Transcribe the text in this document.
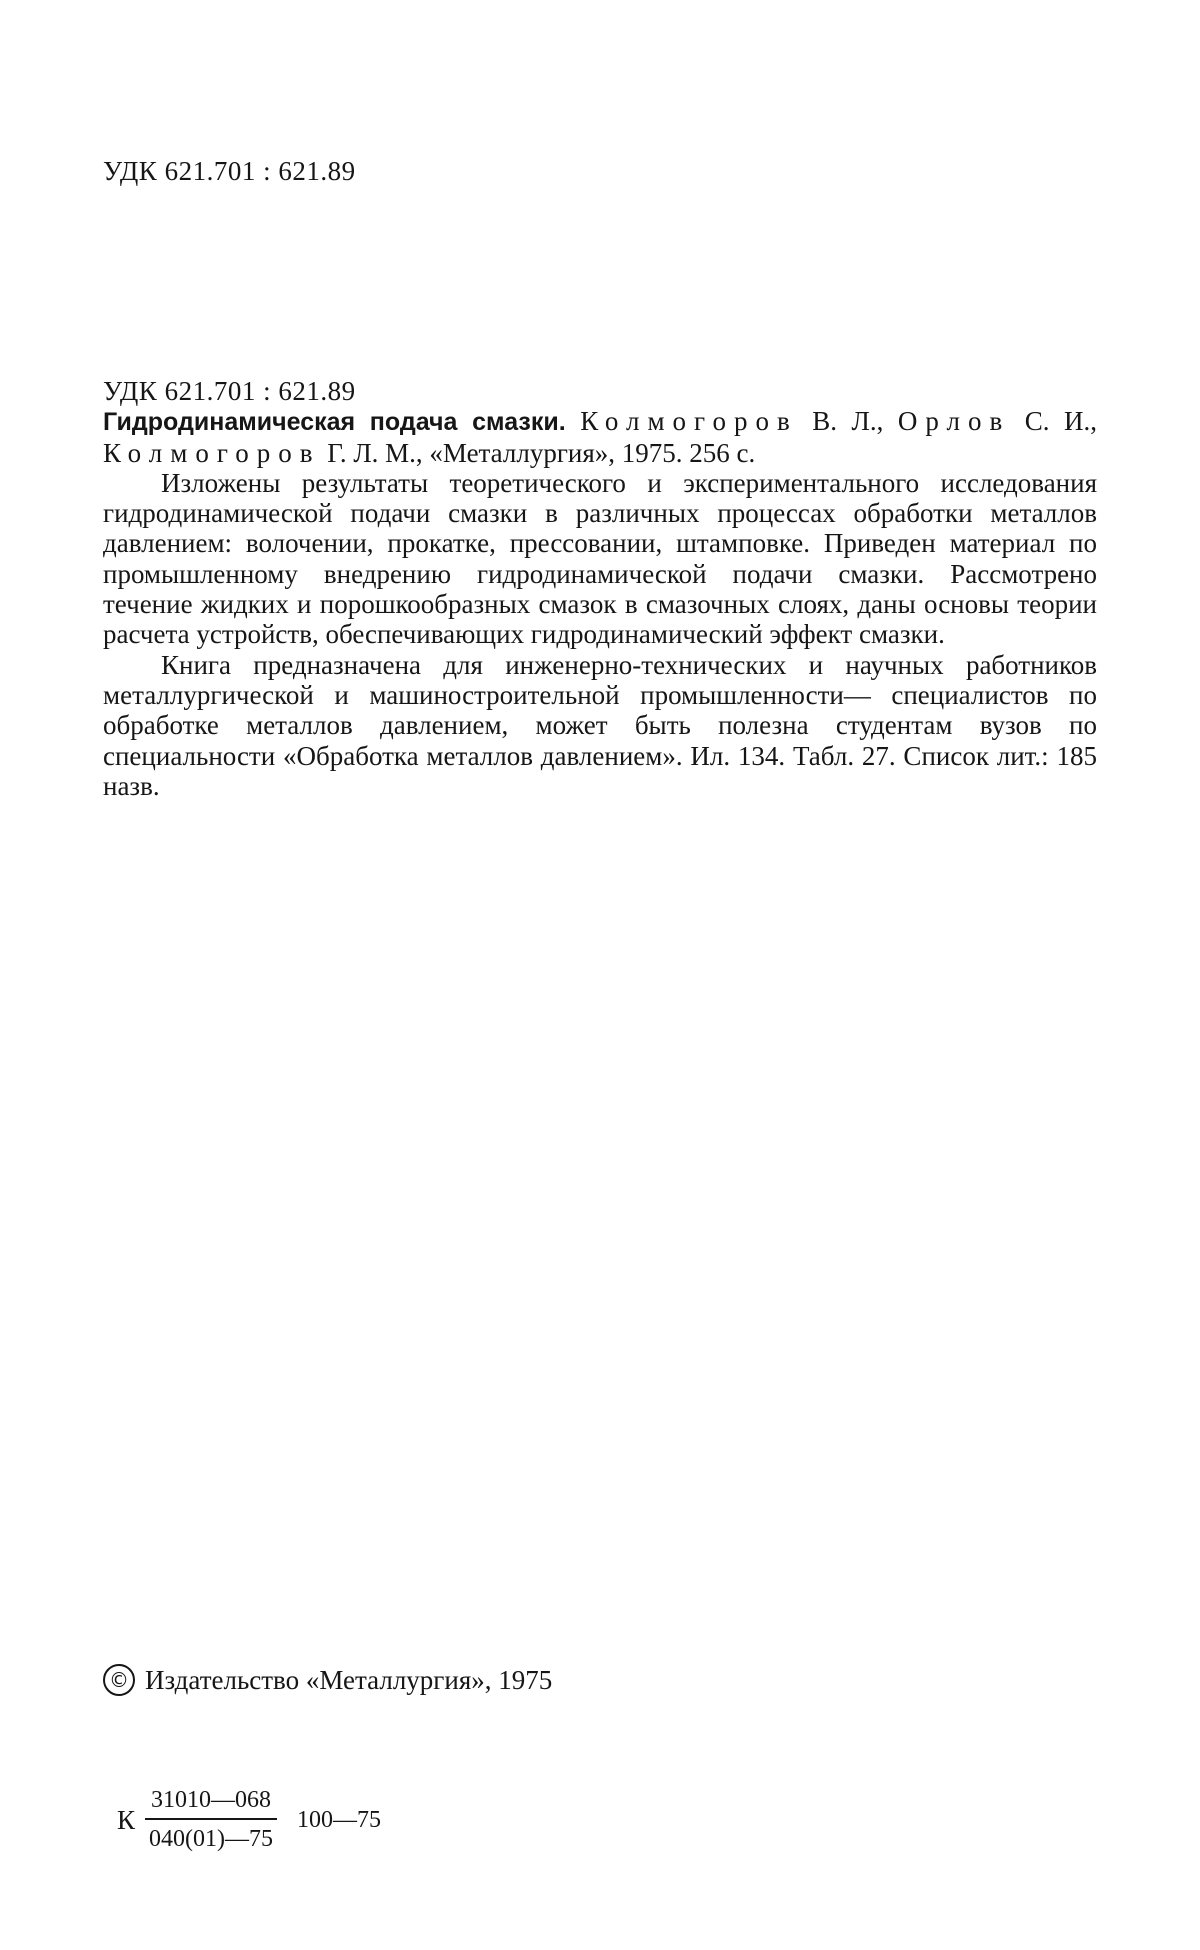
УДК 621.701 : 621.89
УДК 621.701 : 621.89

Гидродинамическая подача смазки. Колмогоров В. Л., Орлов С. И., Колмогоров Г. Л. М., «Металлургия», 1975. 256 с.

Изложены результаты теоретического и экспериментального исследования гидродинамической подачи смазки в различных процессах обработки металлов давлением: волочении, прокатке, прессовании, штамповке. Приведен материал по промышленному внедрению гидродинамической подачи смазки. Рассмотрено течение жидких и порошкообразных смазок в смазочных слоях, даны основы теории расчета устройств, обеспечивающих гидродинамический эффект смазки.

Книга предназначена для инженерно-технических и научных работников металлургической и машиностроительной промышленности— специалистов по обработке металлов давлением, может быть полезна студентам вузов по специальности «Обработка металлов давлением». Ил. 134. Табл. 27. Список лит.: 185 назв.

© Издательство «Металлургия», 1975
К $\frac{31010—068}{040(01)—75}$ 100—75
